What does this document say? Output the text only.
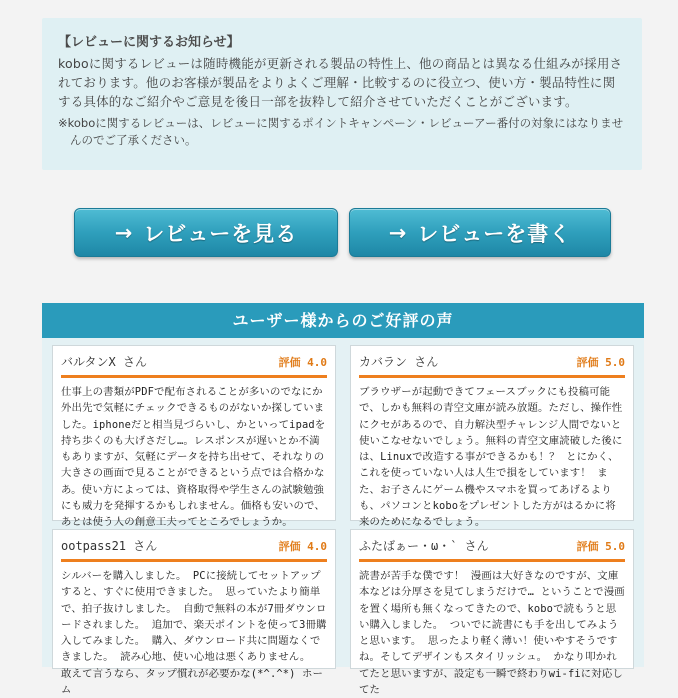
【レビューに関するお知らせ】
koboに関するレビューは随時機能が更新される製品の特性上、他の商品とは異なる仕組みが採用されております。他のお客様が製品をよりよくご理解・比較するのに役立つ、使い方・製品特性に関する具体的なご紹介やご意見を後日一部を抜粋して紹介させていただくことがございます。
※koboに関するレビューは、レビューに関するポイントキャンペーン・レビューアー番付の対象にはなりませんのでご了承ください。
→ レビューを見る	→ レビューを書く
ユーザー様からのご好評の声
バルタンX さん	評価 4.0
仕事上の書類がPDFで配布されることが多いのでなにか外出先で気軽にチェックできるものがないか探していました。iphoneだと相当見づらいし、かといってipadを持ち歩くのも大げさだし…。レスポンスが遅いとか不満もありますが、気軽にデータを持ち出せて、それなりの大きさの画面で見ることができるという点では合格かなあ。使い方によっては、資格取得や学生さんの試験勉強にも威力を発揮するかもしれません。価格も安いので、あとは使う人の創意工夫ってところでしょうか。
カバラン さん	評価 5.0
ブラウザーが起動できてフェースブックにも投稿可能で、しかも無料の青空文庫が読み放題。ただし、操作性にクセがあるので、自力解決型チャレンジ人間でないと使いこなせないでしょう。無料の青空文庫読破した後には、Linuxで改造する事ができるかも！？ とにかく、これを使っていない人は人生で損をしています！ また、お子さんにゲーム機やスマホを買ってあげるよりも、パソコンとkoboをプレゼントした方がはるかに将来のためになるでしょう。
ootpass21 さん	評価 4.0
シルバーを購入しました。 PCに接続してセットアップすると、すぐに使用できました。 思っていたより簡単で、拍子抜けしました。 自動で無料の本が7冊ダウンロードされました。 追加で、楽天ポイントを使って3冊購入してみました。 購入、ダウンロード共に問題なくできました。 読み心地、使い心地は悪くありません。 敢えて言うなら、タップ慣れが必要かな(*^.^*) ホーム
ふたばぁー・ω・` さん	評価 5.0
読書が苦手な僕です！ 漫画は大好きなのですが、文庫本などは分厚さを見てしまうだけで… ということで漫画を置く場所も無くなってきたので、koboで読もうと思い購入しました。 ついでに読書にも手を出してみようと思います。 思ったより軽く薄い！使いやすそうですね。そしてデザインもスタイリッシュ。 かなり叩かれてたと思いますが、設定も一瞬で終わりwi-fiに対応してた
